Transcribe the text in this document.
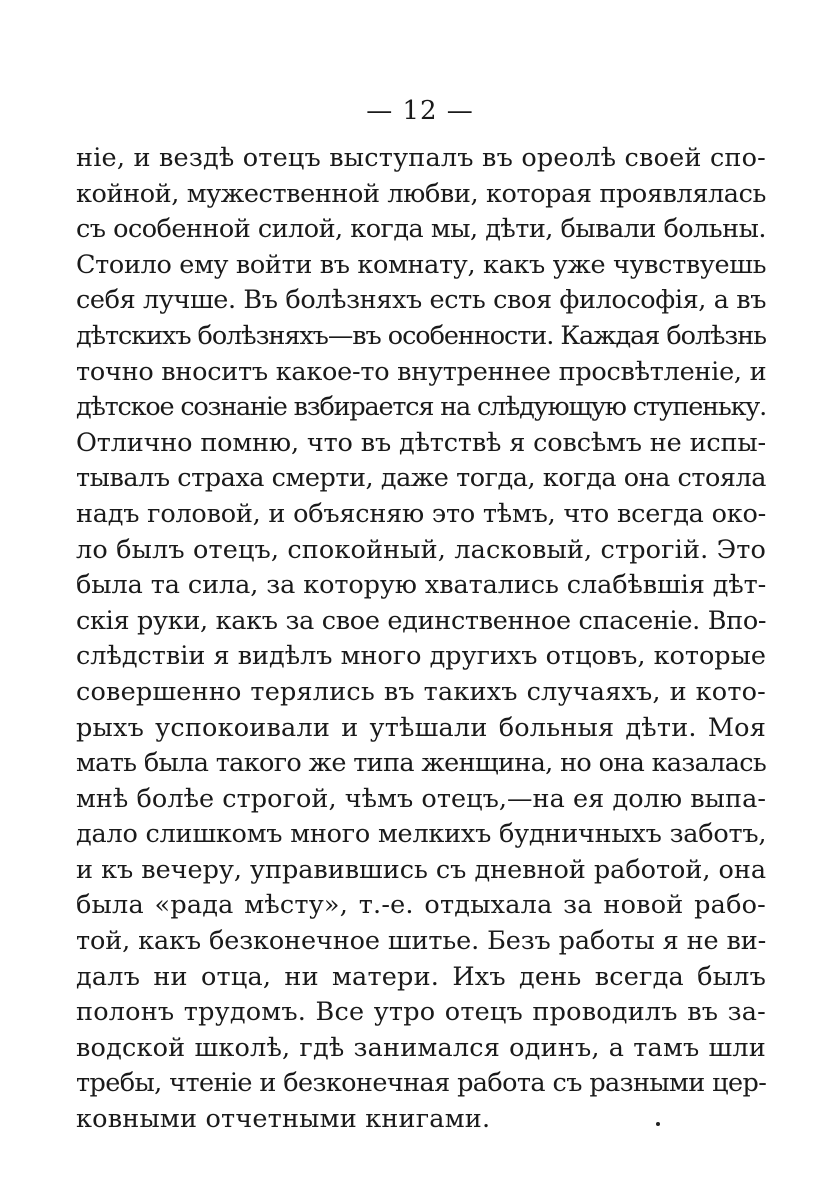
— 12 —
ніе, и вездѣ отецъ выступалъ въ ореолѣ своей спо-
койной, мужественной любви, которая проявлялась
съ особенной силой, когда мы, дѣти, бывали больны.
Стоило ему войти въ комнату, какъ уже чувствуешь
себя лучше. Въ болѣзняхъ есть своя философія, а въ
дѣтскихъ болѣзняхъ—въ особенности. Каждая болѣзнь
точно вноситъ какое-то внутреннее просвѣтленіе, и
дѣтское сознаніе взбирается на слѣдующую ступеньку.
Отлично помню, что въ дѣтствѣ я совсѣмъ не испы-
тывалъ страха смерти, даже тогда, когда она стояла
надъ головой, и объясняю это тѣмъ, что всегда око-
ло былъ отецъ, спокойный, ласковый, строгій. Это
была та сила, за которую хватались слабѣвшія дѣт-
скія руки, какъ за свое единственное спасеніе. Впо-
слѣдствіи я видѣлъ много другихъ отцовъ, которые
совершенно терялись въ такихъ случаяхъ, и кото-
рыхъ успокоивали и утѣшали больныя дѣти. Моя
мать была такого же типа женщина, но она казалась
мнѣ болѣе строгой, чѣмъ отецъ,—на ея долю выпа-
дало слишкомъ много мелкихъ будничныхъ заботъ,
и къ вечеру, управившись съ дневной работой, она
была «рада мѣсту», т.-е. отдыхала за новой рабо-
той, какъ безконечное шитье. Безъ работы я не ви-
далъ ни отца, ни матери. Ихъ день всегда былъ
полонъ трудомъ. Все утро отецъ проводилъ въ за-
водской школѣ, гдѣ занимался одинъ, а тамъ шли
требы, чтеніе и безконечная работа съ разными цер-
ковными отчетными книгами.
